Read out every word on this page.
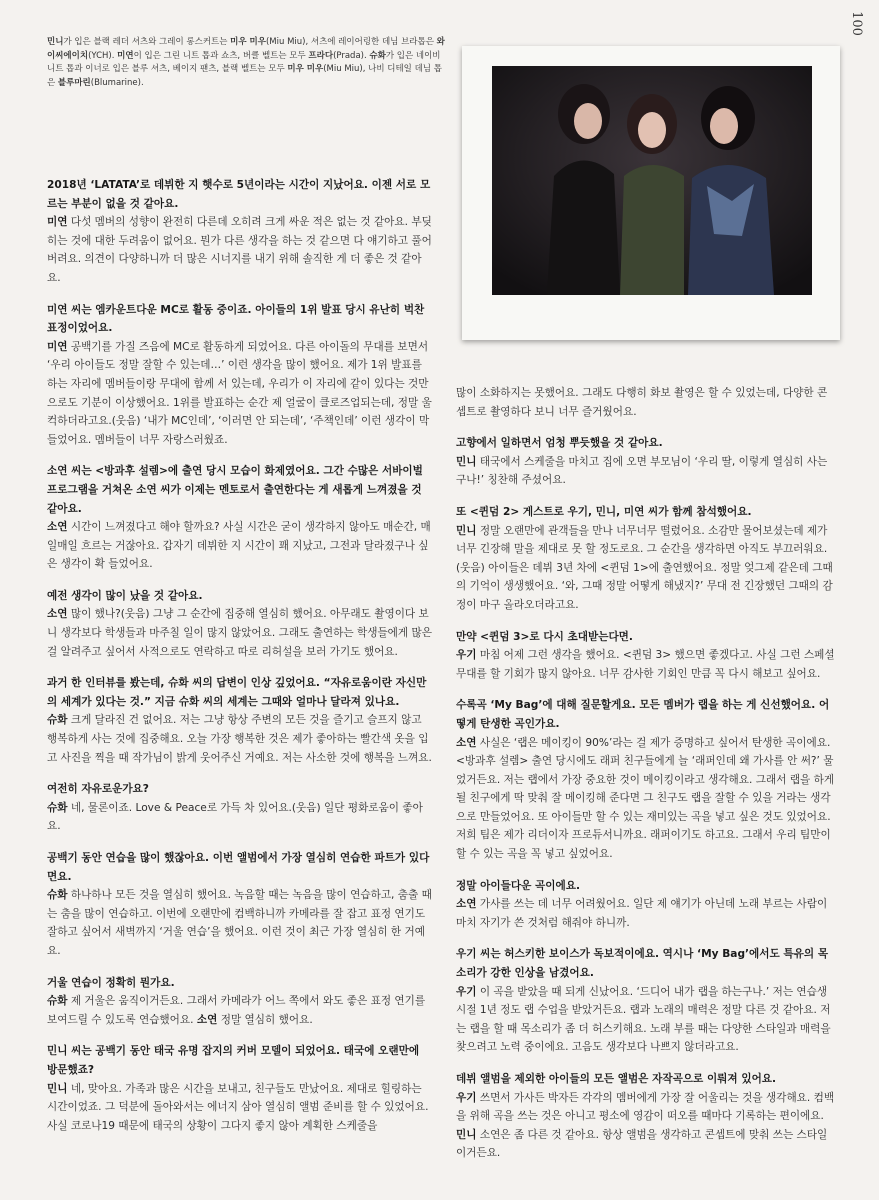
100
민니가 입은 블랙 레더 셔츠와 그레이 롱스커트는 미우 미우(Miu Miu), 셔츠에 레이어링한 데님 브라톱은 와이씨에이치(YCH). 미연이 입은 그린 니트 톱과 쇼츠, 버클 벨트는 모두 프라다(Prada). 슈화가 입은 네이비 니트 톱과 이너로 입은 블루 셔츠, 베이지 팬츠, 블랙 벨트는 모두 미우 미우(Miu Miu), 나비 디테일 데님 톱은 블루마린(Blumarine).

2018년 ‘LATATA’로 데뷔한 지 햇수로 5년이라는 시간이 지났어요. 이젠 서로 모르는 부분이 없을 것 같아요.

미연 다섯 멤버의 성향이 완전히 다른데 오히려 크게 싸운 적은 없는 것 같아요. 부딪히는 것에 대한 두려움이 없어요. 뭔가 다른 생각을 하는 것 같으면 다 얘기하고 풀어버려요. 의견이 다양하니까 더 많은 시너지를 내기 위해 솔직한 게 더 좋은 것 같아요.

미연 씨는 엠카운트다운 MC로 활동 중이죠. 아이들의 1위 발표 당시 유난히 벅찬 표정이었어요.

미연 공백기를 가질 즈음에 MC로 활동하게 되었어요. 다른 아이돌의 무대를 보면서 ‘우리 아이들도 정말 잘할 수 있는데…’ 이런 생각을 많이 했어요. 제가 1위 발표를 하는 자리에 멤버들이랑 무대에 함께 서 있는데, 우리가 이 자리에 같이 있다는 것만으로도 기분이 이상했어요. 1위를 발표하는 순간 제 얼굴이 클로즈업되는데, 정말 울컥하더라고요.(웃음) ‘내가 MC인데’, ‘이러면 안 되는데’, ‘주책인데’ 이런 생각이 막 들었어요. 멤버들이 너무 자랑스러웠죠.

소연 씨는 <방과후 설렘>에 출연 당시 모습이 화제였어요. 그간 수많은 서바이벌 프로그램을 거쳐온 소연 씨가 이제는 멘토로서 출연한다는 게 새롭게 느껴졌을 것 같아요.

소연 시간이 느껴졌다고 해야 할까요? 사실 시간은 굳이 생각하지 않아도 매순간, 매일매일 흐르는 거잖아요. 갑자기 데뷔한 지 시간이 꽤 지났고, 그전과 달라졌구나 싶은 생각이 확 들었어요.

예전 생각이 많이 났을 것 같아요.

소연 많이 했나?(웃음) 그냥 그 순간에 집중해 열심히 했어요. 아무래도 촬영이다 보니 생각보다 학생들과 마주칠 일이 많지 않았어요. 그래도 출연하는 학생들에게 많은 걸 알려주고 싶어서 사적으로도 연락하고 따로 리허설을 보러 가기도 했어요.

과거 한 인터뷰를 봤는데, 슈화 씨의 답변이 인상 깊었어요. “자유로움이란 자신만의 세계가 있다는 것.” 지금 슈화 씨의 세계는 그때와 얼마나 달라져 있나요.

슈화 크게 달라진 건 없어요. 저는 그냥 항상 주변의 모든 것을 즐기고 슬프지 않고 행복하게 사는 것에 집중해요. 오늘 가장 행복한 것은 제가 좋아하는 빨간색 옷을 입고 사진을 찍을 때 작가님이 밝게 웃어주신 거예요. 저는 사소한 것에 행복을 느껴요.

여전히 자유로운가요?

슈화 네, 물론이죠. Love & Peace로 가득 차 있어요.(웃음) 일단 평화로움이 좋아요.

공백기 동안 연습을 많이 했잖아요. 이번 앨범에서 가장 열심히 연습한 파트가 있다면요.

슈화 하나하나 모든 것을 열심히 했어요. 녹음할 때는 녹음을 많이 연습하고, 춤출 때는 춤을 많이 연습하고. 이번에 오랜만에 컴백하니까 카메라를 잘 잡고 표정 연기도 잘하고 싶어서 새벽까지 ‘거울 연습’을 했어요. 이런 것이 최근 가장 열심히 한 거예요.

거울 연습이 정확히 뭔가요.

슈화 제 거울은 움직이거든요. 그래서 카메라가 어느 쪽에서 와도 좋은 표정 연기를 보여드릴 수 있도록 연습했어요. 소연 정말 열심히 했어요.

민니 씨는 공백기 동안 태국 유명 잡지의 커버 모델이 되었어요. 태국에 오랜만에 방문했죠?

민니 네, 맞아요. 가족과 많은 시간을 보내고, 친구들도 만났어요. 제대로 힐링하는 시간이었죠. 그 덕분에 돌아와서는 에너지 삼아 열심히 앨범 준비를 할 수 있었어요. 사실 코로나19 때문에 태국의 상황이 그다지 좋지 않아 계획한 스케줄을

많이 소화하지는 못했어요. 그래도 다행히 화보 촬영은 할 수 있었는데, 다양한 콘셉트로 촬영하다 보니 너무 즐거웠어요.

고향에서 일하면서 엄청 뿌듯했을 것 같아요.

민니 태국에서 스케줄을 마치고 집에 오면 부모님이 ‘우리 딸, 이렇게 열심히 사는구나!’ 칭찬해 주셨어요.

또 <퀸덤 2> 게스트로 우기, 민니, 미연 씨가 함께 참석했어요.

민니 정말 오랜만에 관객들을 만나 너무너무 떨렸어요. 소감만 물어보셨는데 제가 너무 긴장해 말을 제대로 못 할 정도로요. 그 순간을 생각하면 아직도 부끄러워요.(웃음) 아이들은 데뷔 3년 차에 <퀸덤 1>에 출연했어요. 정말 엊그제 같은데 그때의 기억이 생생했어요. ‘와, 그때 정말 어떻게 해냈지?’ 무대 전 긴장했던 그때의 감정이 마구 올라오더라고요.

만약 <퀸덤 3>로 다시 초대받는다면.

우기 마침 어제 그런 생각을 했어요. <퀸덤 3> 했으면 좋겠다고. 사실 그런 스페셜 무대를 할 기회가 많지 않아요. 너무 감사한 기회인 만큼 꼭 다시 해보고 싶어요.

수록곡 ‘My Bag’에 대해 질문할게요. 모든 멤버가 랩을 하는 게 신선했어요. 어떻게 탄생한 곡인가요.

소연 사실은 ‘랩은 메이킹이 90%’라는 걸 제가 증명하고 싶어서 탄생한 곡이에요. <방과후 설렘> 출연 당시에도 래퍼 친구들에게 늘 ‘래퍼인데 왜 가사를 안 써?’ 물었거든요. 저는 랩에서 가장 중요한 것이 메이킹이라고 생각해요. 그래서 랩을 하게 될 친구에게 딱 맞춰 잘 메이킹해 준다면 그 친구도 랩을 잘할 수 있을 거라는 생각으로 만들었어요. 또 아이들만 할 수 있는 재미있는 곡을 넣고 싶은 것도 있었어요. 저희 팀은 제가 리더이자 프로듀서니까요. 래퍼이기도 하고요. 그래서 우리 팀만이 할 수 있는 곡을 꼭 넣고 싶었어요.

정말 아이들다운 곡이에요.

소연 가사를 쓰는 데 너무 어려웠어요. 일단 제 얘기가 아닌데 노래 부르는 사람이 마치 자기가 쓴 것처럼 해줘야 하니까.

우기 씨는 허스키한 보이스가 독보적이에요. 역시나 ‘My Bag’에서도 특유의 목소리가 강한 인상을 남겼어요.

우기 이 곡을 받았을 때 되게 신났어요. ‘드디어 내가 랩을 하는구나.’ 저는 연습생 시절 1년 정도 랩 수업을 받았거든요. 랩과 노래의 매력은 정말 다른 것 같아요. 저는 랩을 할 때 목소리가 좀 더 허스키해요. 노래 부를 때는 다양한 스타일과 매력을 찾으려고 노력 중이에요. 고음도 생각보다 나쁘지 않더라고요.

데뷔 앨범을 제외한 아이들의 모든 앨범은 자작곡으로 이뤄져 있어요.

우기 쓰면서 가사든 박자든 각각의 멤버에게 가장 잘 어울리는 것을 생각해요. 컴백을 위해 곡을 쓰는 것은 아니고 평소에 영감이 떠오를 때마다 기록하는 편이에요. 민니 소연은 좀 다른 것 같아요. 항상 앨범을 생각하고 콘셉트에 맞춰 쓰는 스타일이거든요.
